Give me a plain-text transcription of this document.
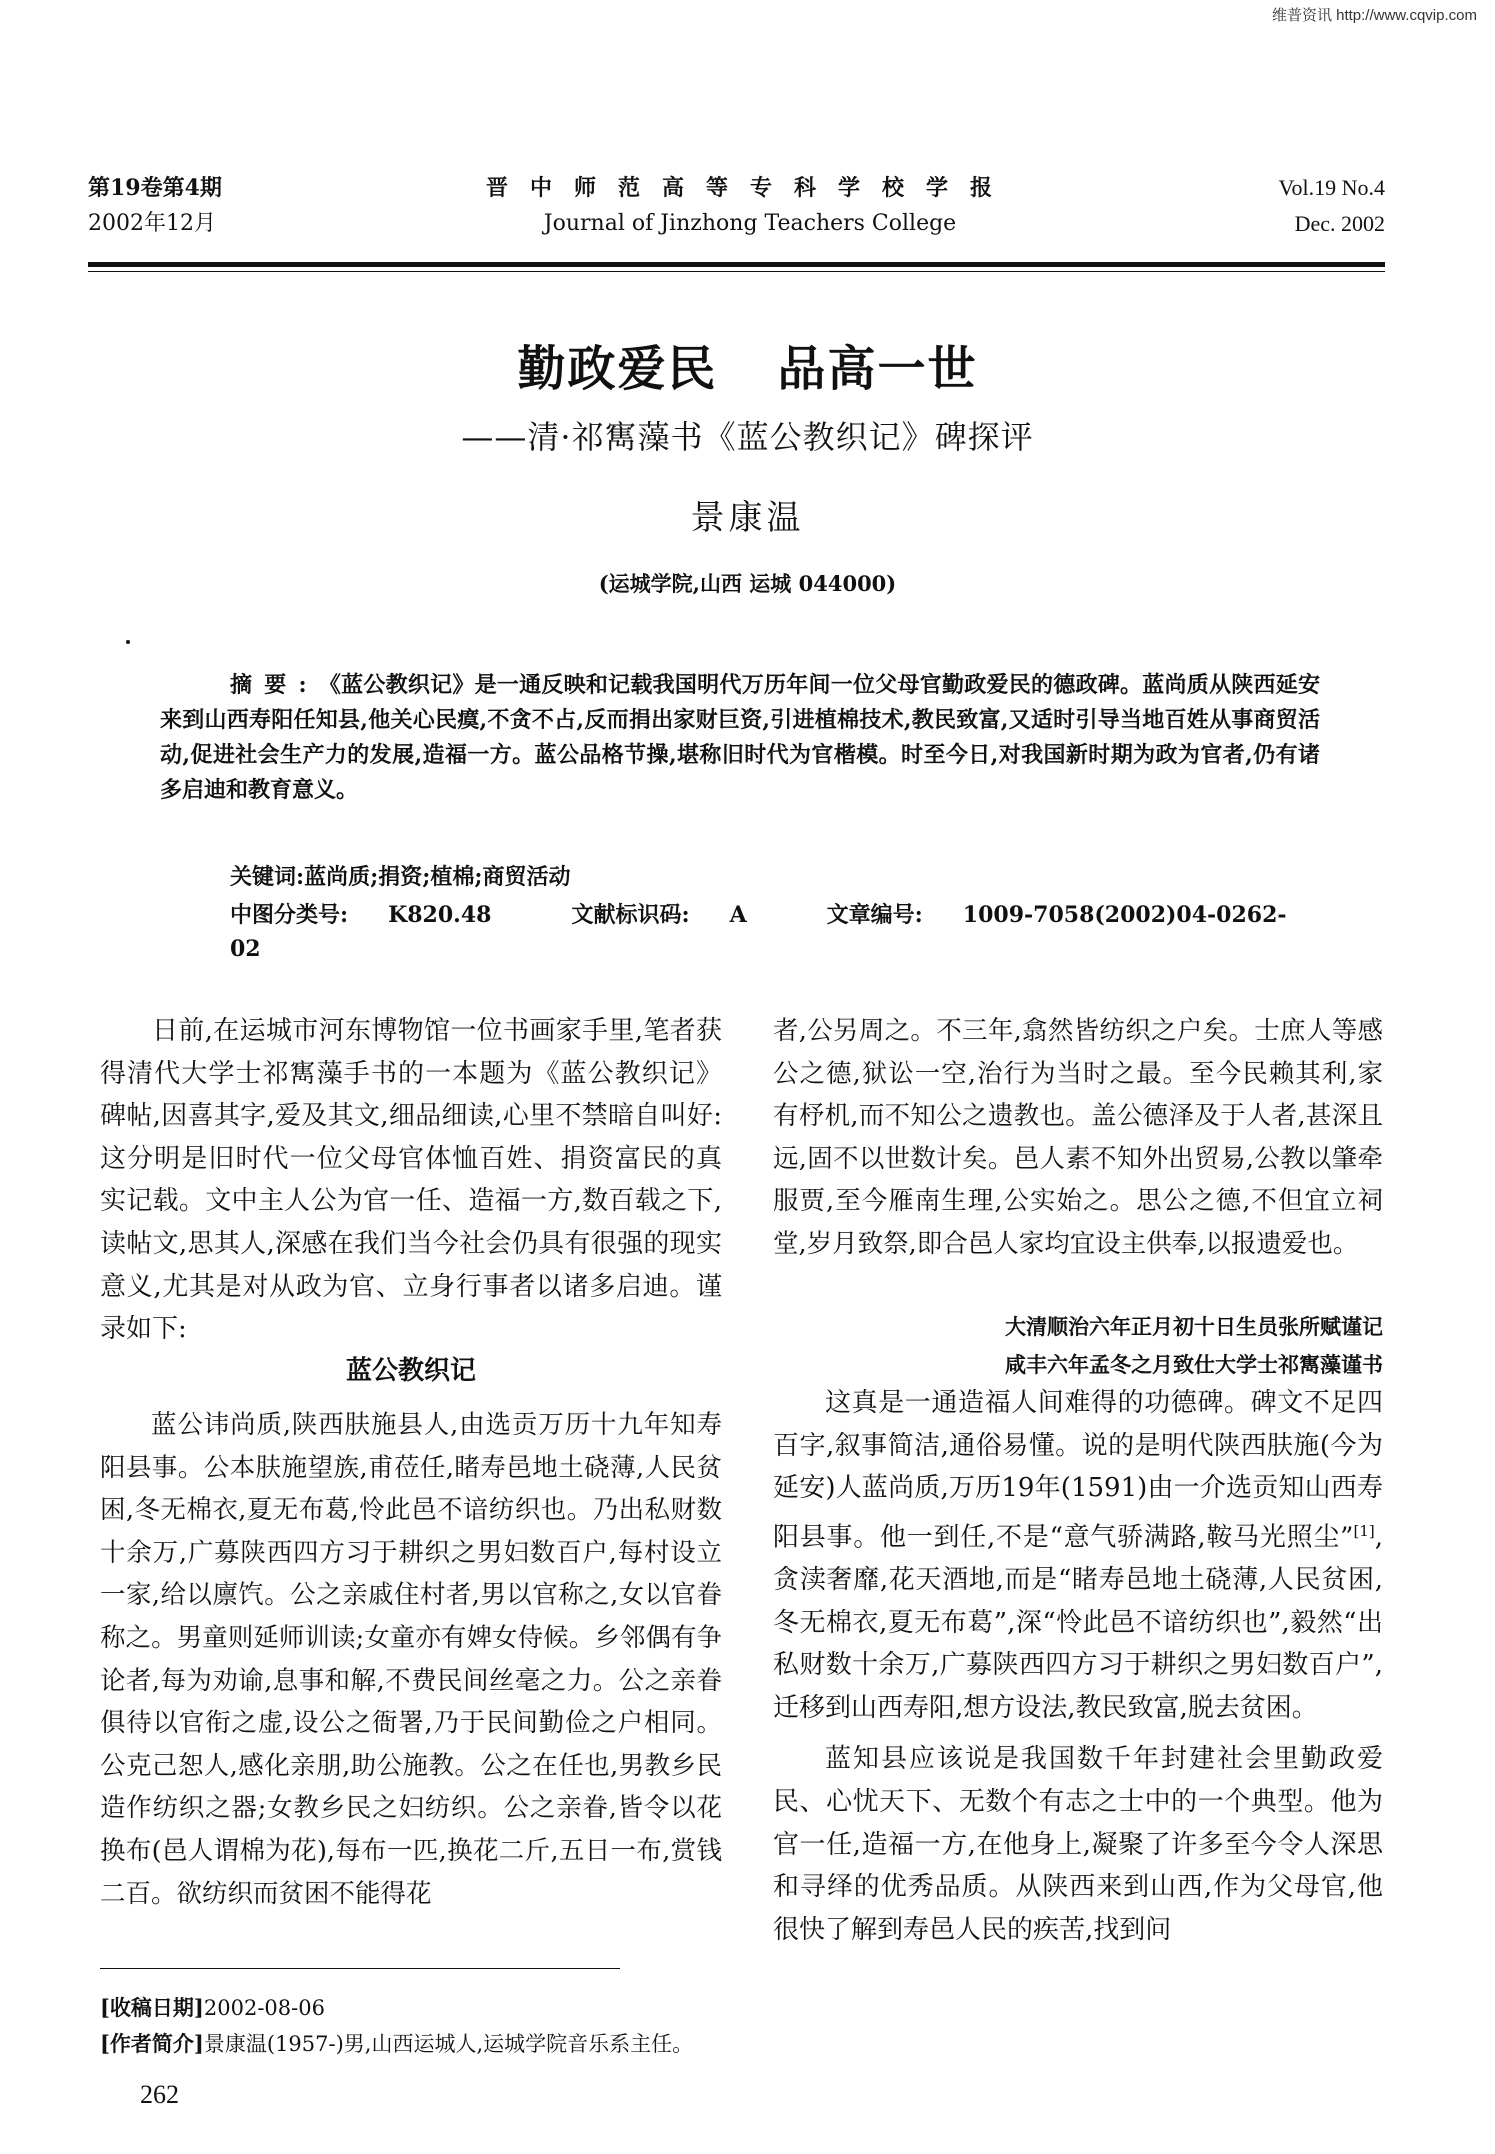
维普资讯 http://www.cqvip.com
第19卷第4期
2002年12月
晋中师范高等专科学校学报
Journal of Jinzhong Teachers College
Vol.19 No.4
Dec. 2002
勤政爱民 品高一世
——清·祁寯藻书《蓝公教织记》碑探评
景康温
(运城学院,山西 运城 044000)
摘要:《蓝公教织记》是一通反映和记载我国明代万历年间一位父母官勤政爱民的德政碑。蓝尚质从陕西延安来到山西寿阳任知县,他关心民瘼,不贪不占,反而捐出家财巨资,引进植棉技术,教民致富,又适时引导当地百姓从事商贸活动,促进社会生产力的发展,造福一方。蓝公品格节操,堪称旧时代为官楷模。时至今日,对我国新时期为政为官者,仍有诸多启迪和教育意义。
关键词:蓝尚质;捐资;植棉;商贸活动
中图分类号: K820.48	文献标识码: A	文章编号: 1009-7058(2002)04-0262-02

日前,在运城市河东博物馆一位书画家手里,笔者获得清代大学士祁寯藻手书的一本题为《蓝公教织记》碑帖,因喜其字,爱及其文,细品细读,心里不禁暗自叫好:这分明是旧时代一位父母官体恤百姓、捐资富民的真实记载。文中主人公为官一任、造福一方,数百载之下,读帖文,思其人,深感在我们当今社会仍具有很强的现实意义,尤其是对从政为官、立身行事者以诸多启迪。谨录如下:

蓝公教织记

蓝公讳尚质,陕西肤施县人,由选贡万历十九年知寿阳县事。公本肤施望族,甫莅任,睹寿邑地土硗薄,人民贫困,冬无棉衣,夏无布葛,怜此邑不谙纺织也。乃出私财数十余万,广募陕西四方习于耕织之男妇数百户,每村设立一家,给以廪饩。公之亲戚住村者,男以官称之,女以官眷称之。男童则延师训读;女童亦有婢女侍候。乡邻偶有争论者,每为劝谕,息事和解,不费民间丝毫之力。公之亲眷俱待以官衔之虚,设公之衙署,乃于民间勤俭之户相同。公克己恕人,感化亲朋,助公施教。公之在任也,男教乡民造作纺织之器;女教乡民之妇纺织。公之亲眷,皆令以花换布(邑人谓棉为花),每布一匹,换花二斤,五日一布,赏钱二百。欲纺织而贫困不能得花

者,公另周之。不三年,翕然皆纺织之户矣。士庶人等感公之德,狱讼一空,治行为当时之最。至今民赖其利,家有杼机,而不知公之遗教也。盖公德泽及于人者,甚深且远,固不以世数计矣。邑人素不知外出贸易,公教以肇牵服贾,至今雁南生理,公实始之。思公之德,不但宜立祠堂,岁月致祭,即合邑人家均宜设主供奉,以报遗爱也。

大清顺治六年正月初十日生员张所赋谨记
咸丰六年孟冬之月致仕大学士祁寯藻谨书

这真是一通造福人间难得的功德碑。碑文不足四百字,叙事简洁,通俗易懂。说的是明代陕西肤施(今为延安)人蓝尚质,万历19年(1591)由一介选贡知山西寿阳县事。他一到任,不是“意气骄满路,鞍马光照尘”[1],贪渎奢靡,花天酒地,而是“睹寿邑地土硗薄,人民贫困,冬无棉衣,夏无布葛”,深“怜此邑不谙纺织也”,毅然“出私财数十余万,广募陕西四方习于耕织之男妇数百户”,迁移到山西寿阳,想方设法,教民致富,脱去贫困。

蓝知县应该说是我国数千年封建社会里勤政爱民、心忧天下、无数个有志之士中的一个典型。他为官一任,造福一方,在他身上,凝聚了许多至今令人深思和寻绎的优秀品质。从陕西来到山西,作为父母官,他很快了解到寿邑人民的疾苦,找到问

[收稿日期]2002-08-06
[作者简介]景康温(1957-)男,山西运城人,运城学院音乐系主任。
262
